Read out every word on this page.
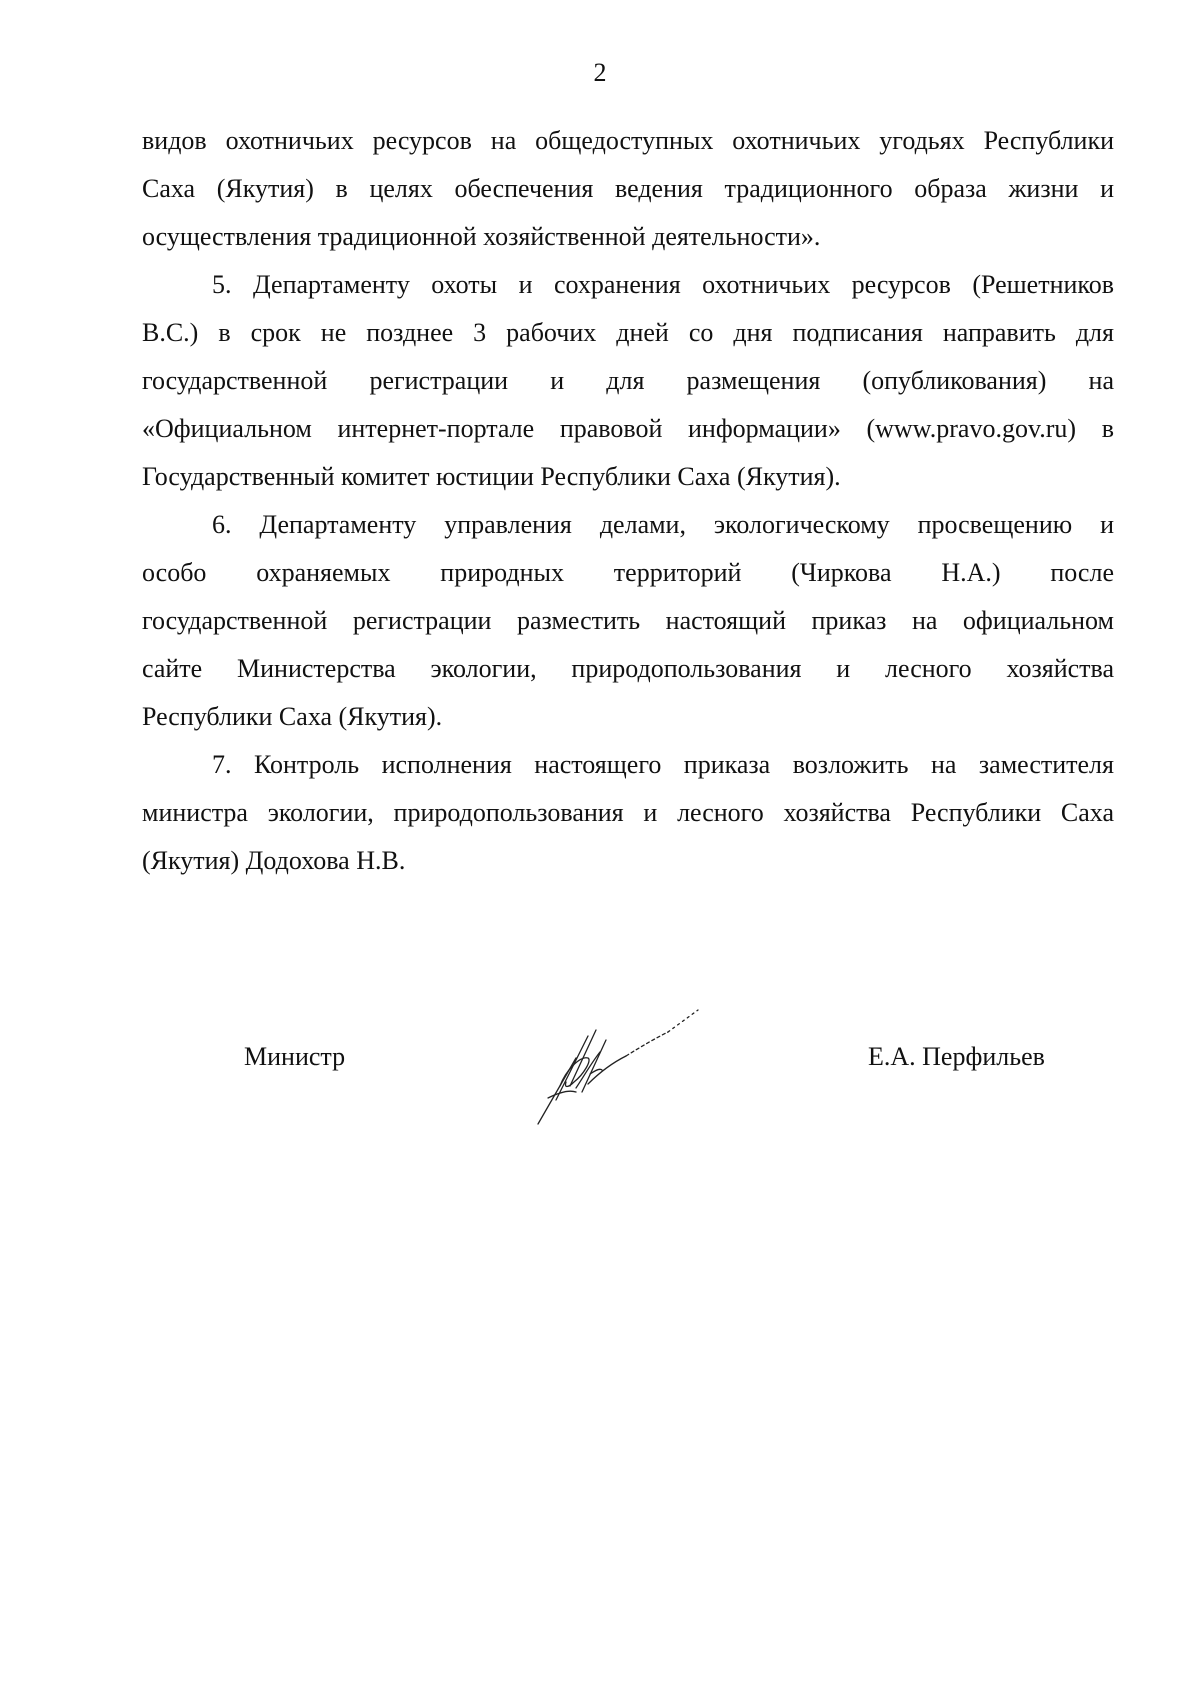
2

видов охотничьих ресурсов на общедоступных охотничьих угодьях Республики
Саха (Якутия) в целях обеспечения ведения традиционного образа жизни и
осуществления традиционной хозяйственной деятельности».

5. Департаменту охоты и сохранения охотничьих ресурсов (Решетников
В.С.) в срок не позднее 3 рабочих дней со дня подписания направить для
государственной регистрации и для размещения (опубликования) на
«Официальном интернет-портале правовой информации» (www.pravo.gov.ru) в
Государственный комитет юстиции Республики Саха (Якутия).

6. Департаменту управления делами, экологическому просвещению и
особо охраняемых природных территорий (Чиркова Н.А.) после
государственной регистрации разместить настоящий приказ на официальном
сайте Министерства экологии, природопользования и лесного хозяйства
Республики Саха (Якутия).

7. Контроль исполнения настоящего приказа возложить на заместителя
министра экологии, природопользования и лесного хозяйства Республики Саха
(Якутия) Додохова Н.В.

Министр	Е.А. Перфильев
